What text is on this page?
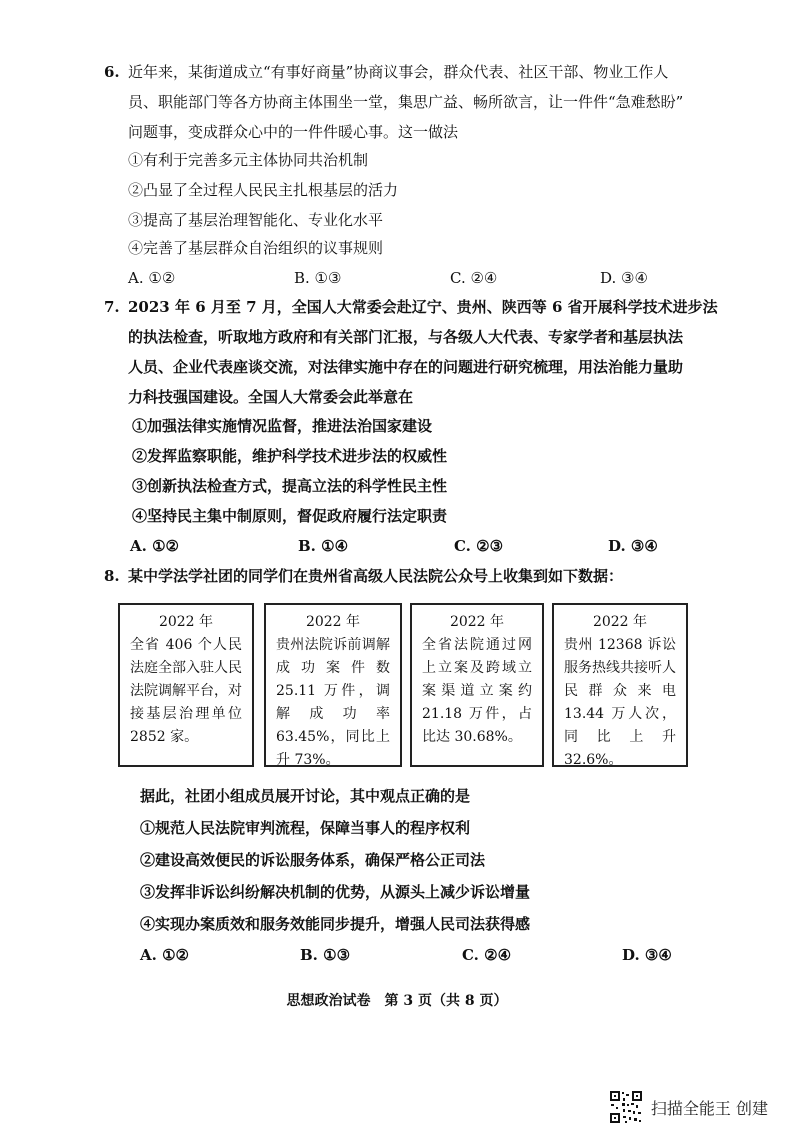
6. 近年来，某街道成立“有事好商量”协商议事会，群众代表、社区干部、物业工作人
员、职能部门等各方协商主体围坐一堂，集思广益、畅所欲言，让一件件“急难愁盼”
问题事，变成群众心中的一件件暖心事。这一做法
①有利于完善多元主体协同共治机制
②凸显了全过程人民民主扎根基层的活力
③提高了基层治理智能化、专业化水平
④完善了基层群众自治组织的议事规则
A. ①②	B. ①③	C. ②④	D. ③④
7. 2023 年 6 月至 7 月，全国人大常委会赴辽宁、贵州、陕西等 6 省开展科学技术进步法
的执法检查，听取地方政府和有关部门汇报，与各级人大代表、专家学者和基层执法
人员、企业代表座谈交流，对法律实施中存在的问题进行研究梳理，用法治能力量助
力科技强国建设。全国人大常委会此举意在
①加强法律实施情况监督，推进法治国家建设
②发挥监察职能，维护科学技术进步法的权威性
③创新执法检查方式，提高立法的科学性民主性
④坚持民主集中制原则，督促政府履行法定职责
A. ①②	B. ①④	C. ②③	D. ③④
8. 某中学法学社团的同学们在贵州省高级人民法院公众号上收集到如下数据：
2022 年
全省 406 个人民法庭全部入驻人民法院调解平台，对接基层治理单位 2852 家。
2022 年
贵州法院诉前调解成功案件数 25.11 万件，调解成功率 63.45%，同比上升 73%。
2022 年
全省法院通过网上立案及跨域立案渠道立案约 21.18 万件，占比达 30.68%。
2022 年
贵州 12368 诉讼服务热线共接听人民群众来电 13.44 万人次，同比上升 32.6%。
据此，社团小组成员展开讨论，其中观点正确的是
①规范人民法院审判流程，保障当事人的程序权利
②建设高效便民的诉讼服务体系，确保严格公正司法
③发挥非诉讼纠纷解决机制的优势，从源头上减少诉讼增量
④实现办案质效和服务效能同步提升，增强人民司法获得感
A. ①②	B. ①③	C. ②④	D. ③④
思想政治试卷　第 3 页（共 8 页）
扫描全能王 创建
